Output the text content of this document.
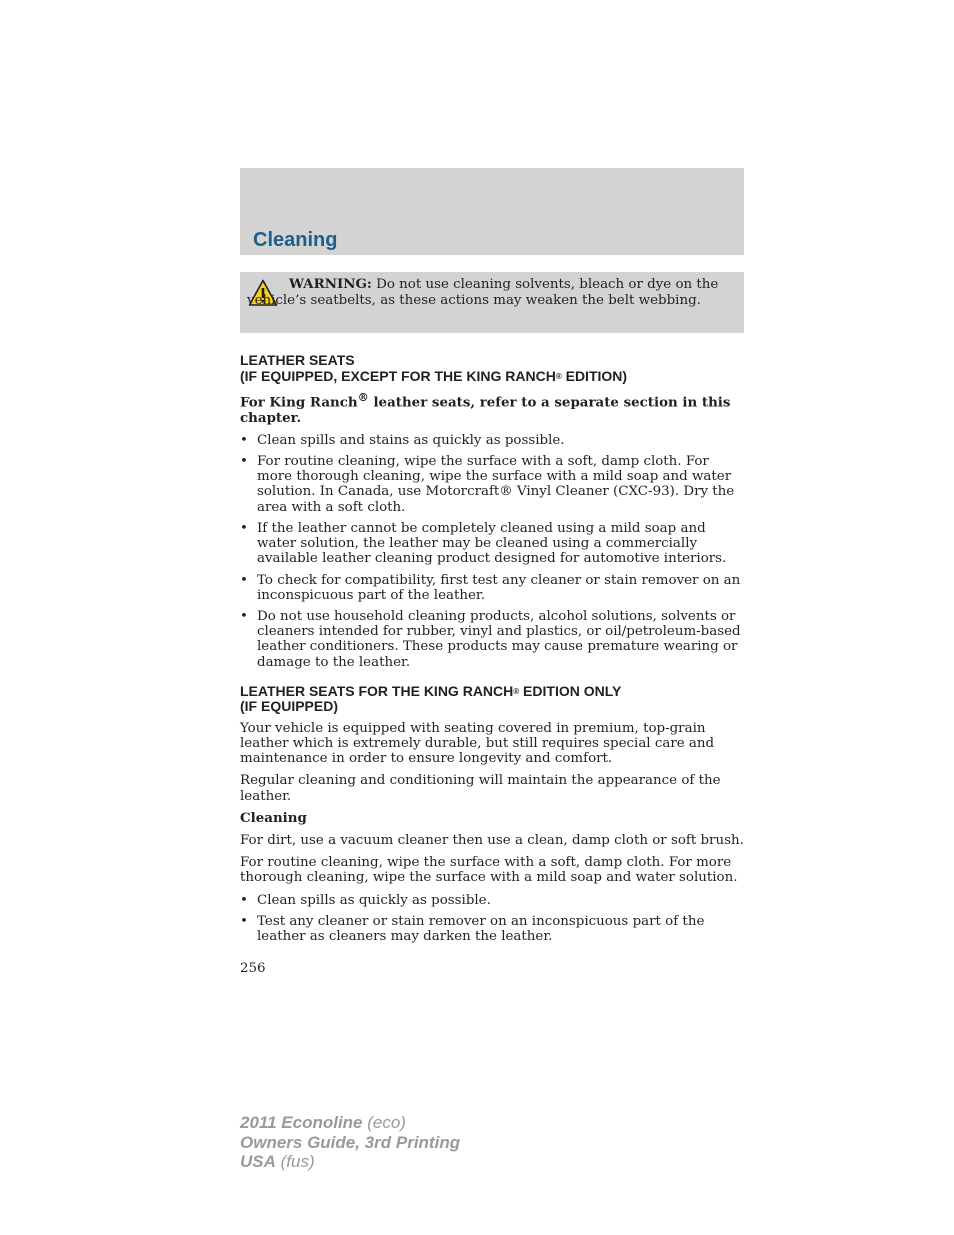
Cleaning
WARNING: Do not use cleaning solvents, bleach or dye on the vehicle’s seatbelts, as these actions may weaken the belt webbing.
LEATHER SEATS
(IF EQUIPPED, EXCEPT FOR THE KING RANCH® EDITION)
For King Ranch® leather seats, refer to a separate section in this chapter.
• Clean spills and stains as quickly as possible.
• For routine cleaning, wipe the surface with a soft, damp cloth. For more thorough cleaning, wipe the surface with a mild soap and water solution. In Canada, use Motorcraft® Vinyl Cleaner (CXC-93). Dry the area with a soft cloth.
• If the leather cannot be completely cleaned using a mild soap and water solution, the leather may be cleaned using a commercially available leather cleaning product designed for automotive interiors.
• To check for compatibility, first test any cleaner or stain remover on an inconspicuous part of the leather.
• Do not use household cleaning products, alcohol solutions, solvents or cleaners intended for rubber, vinyl and plastics, or oil/petroleum-based leather conditioners. These products may cause premature wearing or damage to the leather.
LEATHER SEATS FOR THE KING RANCH® EDITION ONLY
(IF EQUIPPED)
Your vehicle is equipped with seating covered in premium, top-grain leather which is extremely durable, but still requires special care and maintenance in order to ensure longevity and comfort.
Regular cleaning and conditioning will maintain the appearance of the leather.
Cleaning
For dirt, use a vacuum cleaner then use a clean, damp cloth or soft brush.
For routine cleaning, wipe the surface with a soft, damp cloth. For more thorough cleaning, wipe the surface with a mild soap and water solution.
• Clean spills as quickly as possible.
• Test any cleaner or stain remover on an inconspicuous part of the leather as cleaners may darken the leather.
256
2011 Econoline (eco)
Owners Guide, 3rd Printing
USA (fus)
